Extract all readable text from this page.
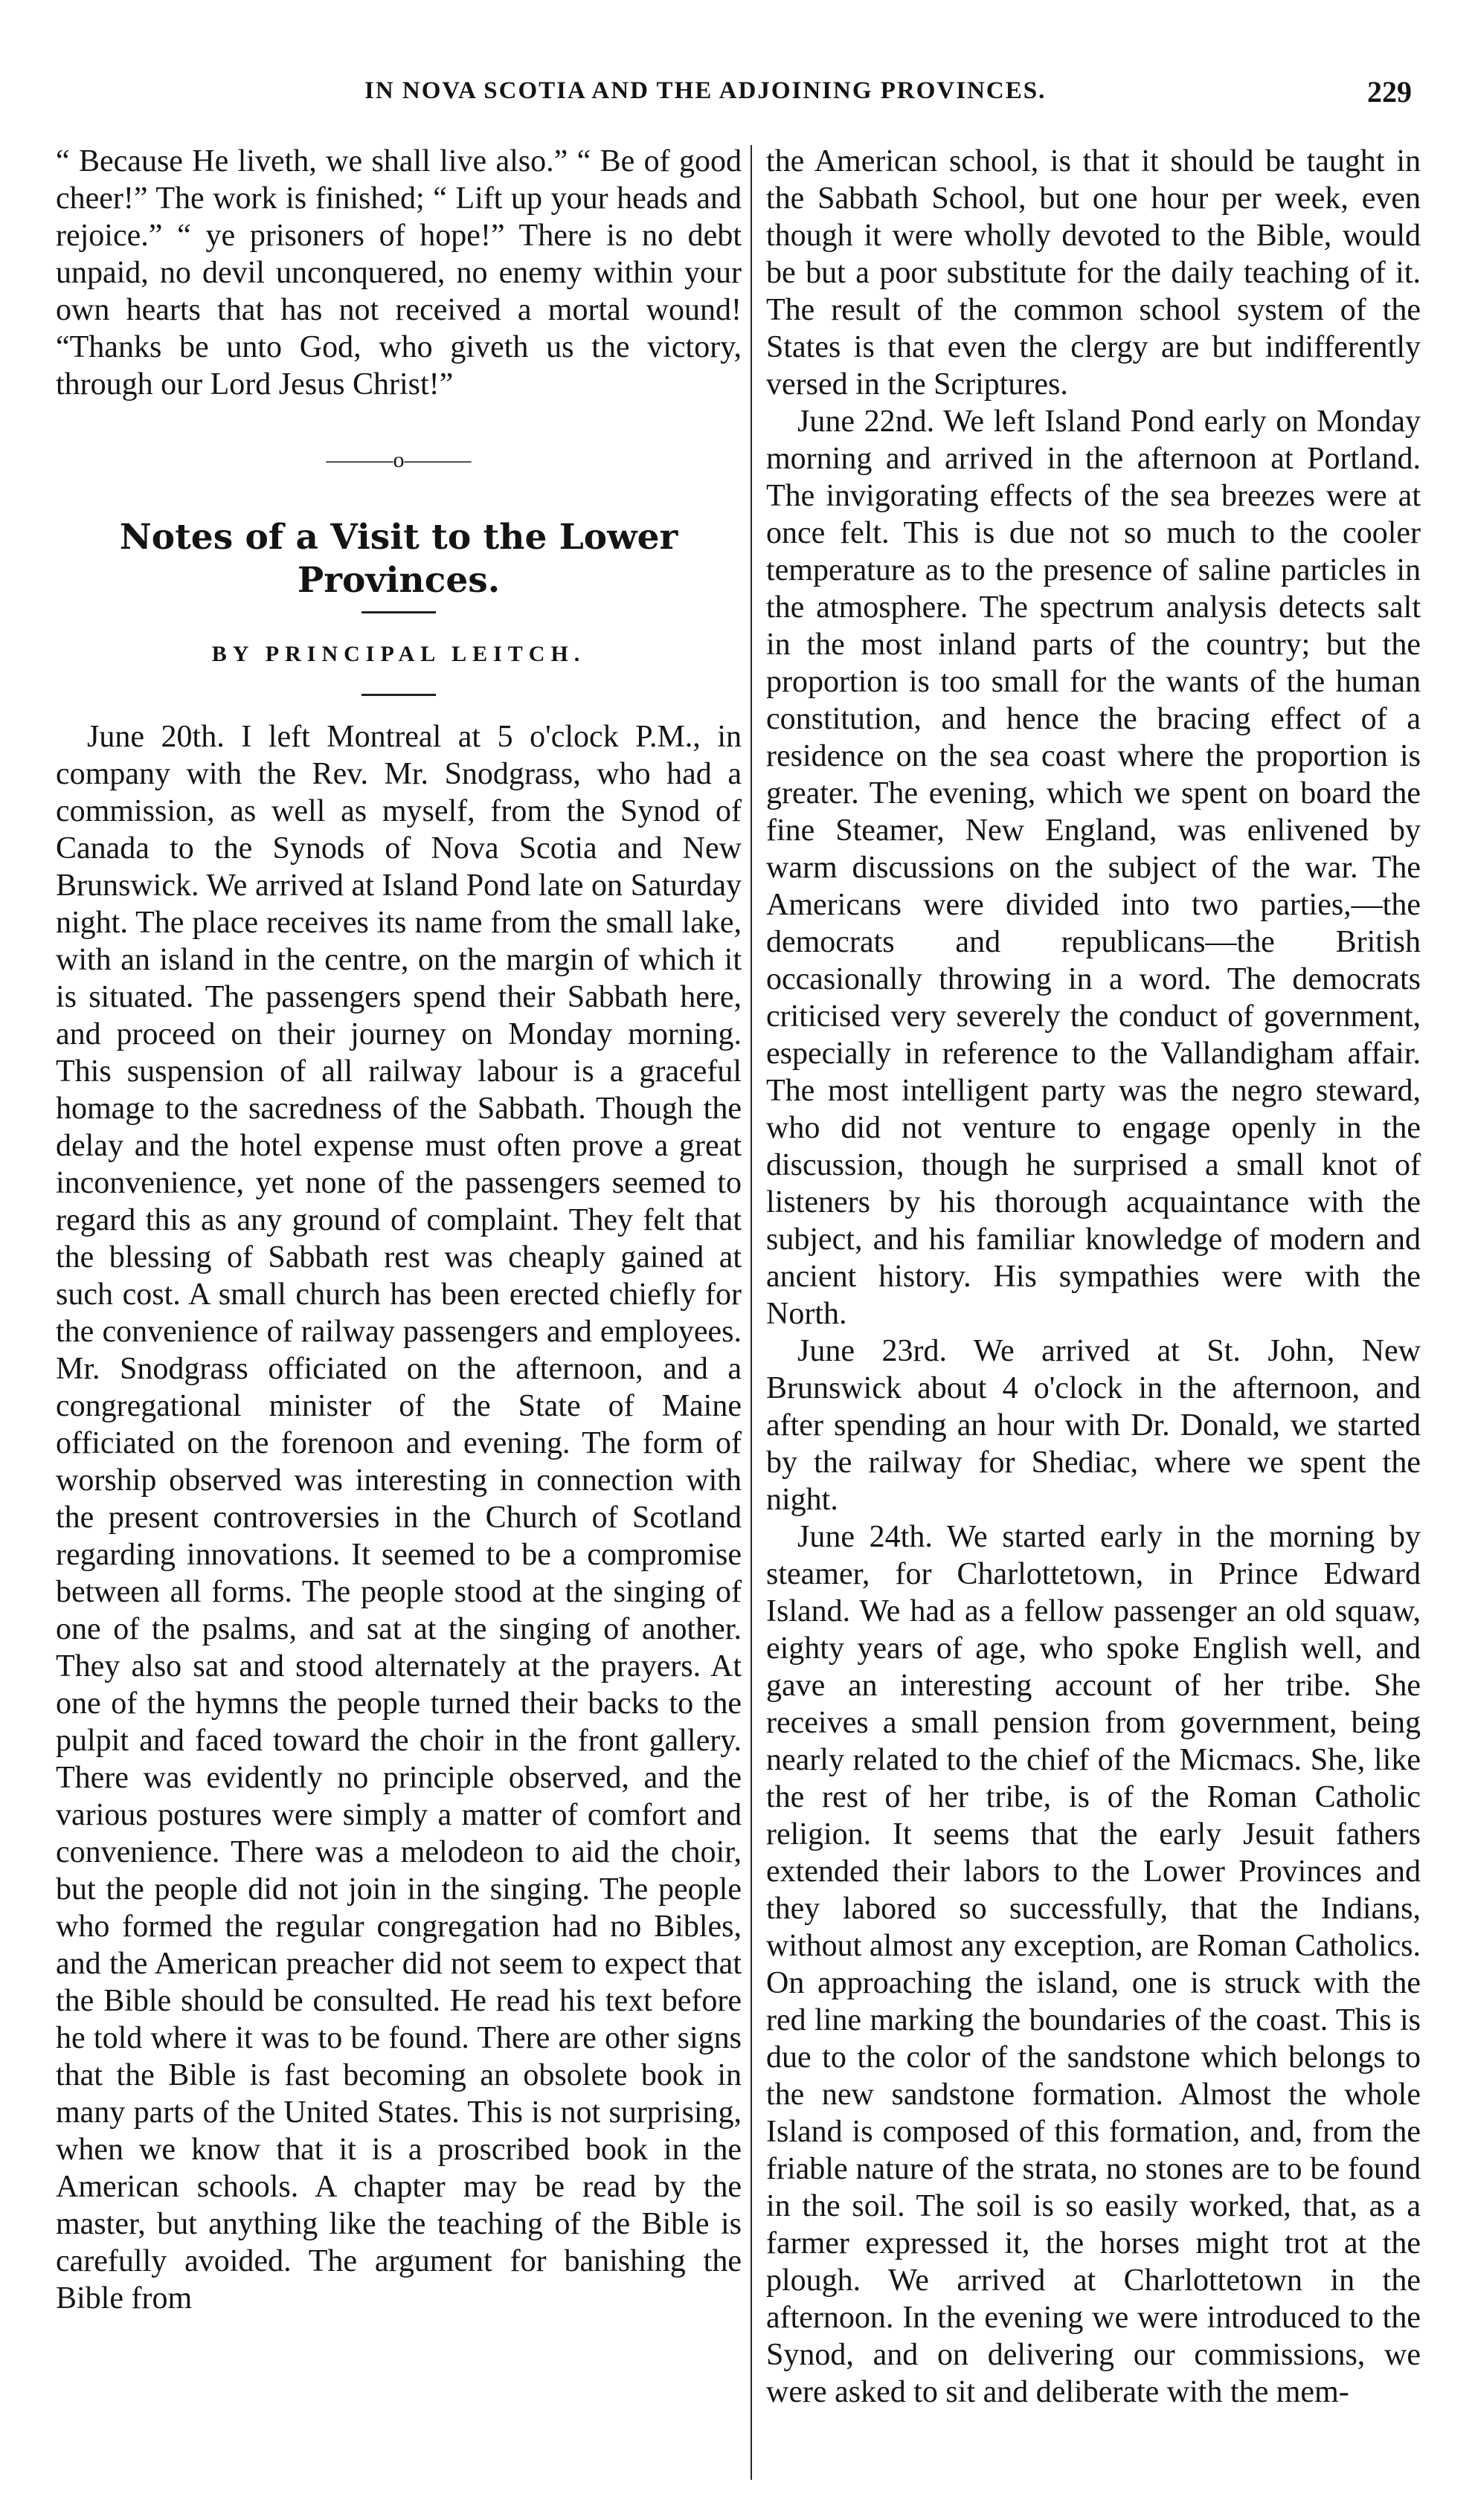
IN NOVA SCOTIA AND THE ADJOINING PROVINCES.	229

“ Because He liveth, we shall live also.” “ Be of good cheer!” The work is finished; “ Lift up your heads and rejoice.” “ ye prisoners of hope!” There is no debt unpaid, no devil unconquered, no enemy within your own hearts that has not received a mortal wound! “Thanks be unto God, who giveth us the victory, through our Lord Jesus Christ!”

———o———
Notes of a Visit to the Lower Provinces.
BY PRINCIPAL LEITCH.

June 20th. I left Montreal at 5 o'clock P.M., in company with the Rev. Mr. Snodgrass, who had a commission, as well as myself, from the Synod of Canada to the Synods of Nova Scotia and New Brunswick. We arrived at Island Pond late on Saturday night. The place receives its name from the small lake, with an island in the centre, on the margin of which it is situated. The passengers spend their Sabbath here, and proceed on their journey on Monday morning. This suspension of all railway labour is a graceful homage to the sacredness of the Sabbath. Though the delay and the hotel expense must often prove a great inconvenience, yet none of the passengers seemed to regard this as any ground of complaint. They felt that the blessing of Sabbath rest was cheaply gained at such cost. A small church has been erected chiefly for the convenience of railway passengers and employees. Mr. Snodgrass officiated on the afternoon, and a congregational minister of the State of Maine officiated on the forenoon and evening. The form of worship observed was interesting in connection with the present controversies in the Church of Scotland regarding innovations. It seemed to be a compromise between all forms. The people stood at the singing of one of the psalms, and sat at the singing of another. They also sat and stood alternately at the prayers. At one of the hymns the people turned their backs to the pulpit and faced toward the choir in the front gallery. There was evidently no principle observed, and the various postures were simply a matter of comfort and convenience. There was a melodeon to aid the choir, but the people did not join in the singing. The people who formed the regular congregation had no Bibles, and the American preacher did not seem to expect that the Bible should be consulted. He read his text before he told where it was to be found. There are other signs that the Bible is fast becoming an obsolete book in many parts of the United States. This is not surprising, when we know that it is a proscribed book in the American schools. A chapter may be read by the master, but anything like the teaching of the Bible is carefully avoided. The argument for banishing the Bible from

the American school, is that it should be taught in the Sabbath School, but one hour per week, even though it were wholly devoted to the Bible, would be but a poor substitute for the daily teaching of it. The result of the common school system of the States is that even the clergy are but indifferently versed in the Scriptures.

June 22nd. We left Island Pond early on Monday morning and arrived in the afternoon at Portland. The invigorating effects of the sea breezes were at once felt. This is due not so much to the cooler temperature as to the presence of saline particles in the atmosphere. The spectrum analysis detects salt in the most inland parts of the country; but the proportion is too small for the wants of the human constitution, and hence the bracing effect of a residence on the sea coast where the proportion is greater. The evening, which we spent on board the fine Steamer, New England, was enlivened by warm discussions on the subject of the war. The Americans were divided into two parties,—the democrats and republicans—the British occasionally throwing in a word. The democrats criticised very severely the conduct of government, especially in reference to the Vallandigham affair. The most intelligent party was the negro steward, who did not venture to engage openly in the discussion, though he surprised a small knot of listeners by his thorough acquaintance with the subject, and his familiar knowledge of modern and ancient history. His sympathies were with the North.

June 23rd. We arrived at St. John, New Brunswick about 4 o'clock in the afternoon, and after spending an hour with Dr. Donald, we started by the railway for Shediac, where we spent the night.

June 24th. We started early in the morning by steamer, for Charlottetown, in Prince Edward Island. We had as a fellow passenger an old squaw, eighty years of age, who spoke English well, and gave an interesting account of her tribe. She receives a small pension from government, being nearly related to the chief of the Micmacs. She, like the rest of her tribe, is of the Roman Catholic religion. It seems that the early Jesuit fathers extended their labors to the Lower Provinces and they labored so successfully, that the Indians, without almost any exception, are Roman Catholics. On approaching the island, one is struck with the red line marking the boundaries of the coast. This is due to the color of the sandstone which belongs to the new sandstone formation. Almost the whole Island is composed of this formation, and, from the friable nature of the strata, no stones are to be found in the soil. The soil is so easily worked, that, as a farmer expressed it, the horses might trot at the plough. We arrived at Charlottetown in the afternoon. In the evening we were introduced to the Synod, and on delivering our commissions, we were asked to sit and deliberate with the mem-
